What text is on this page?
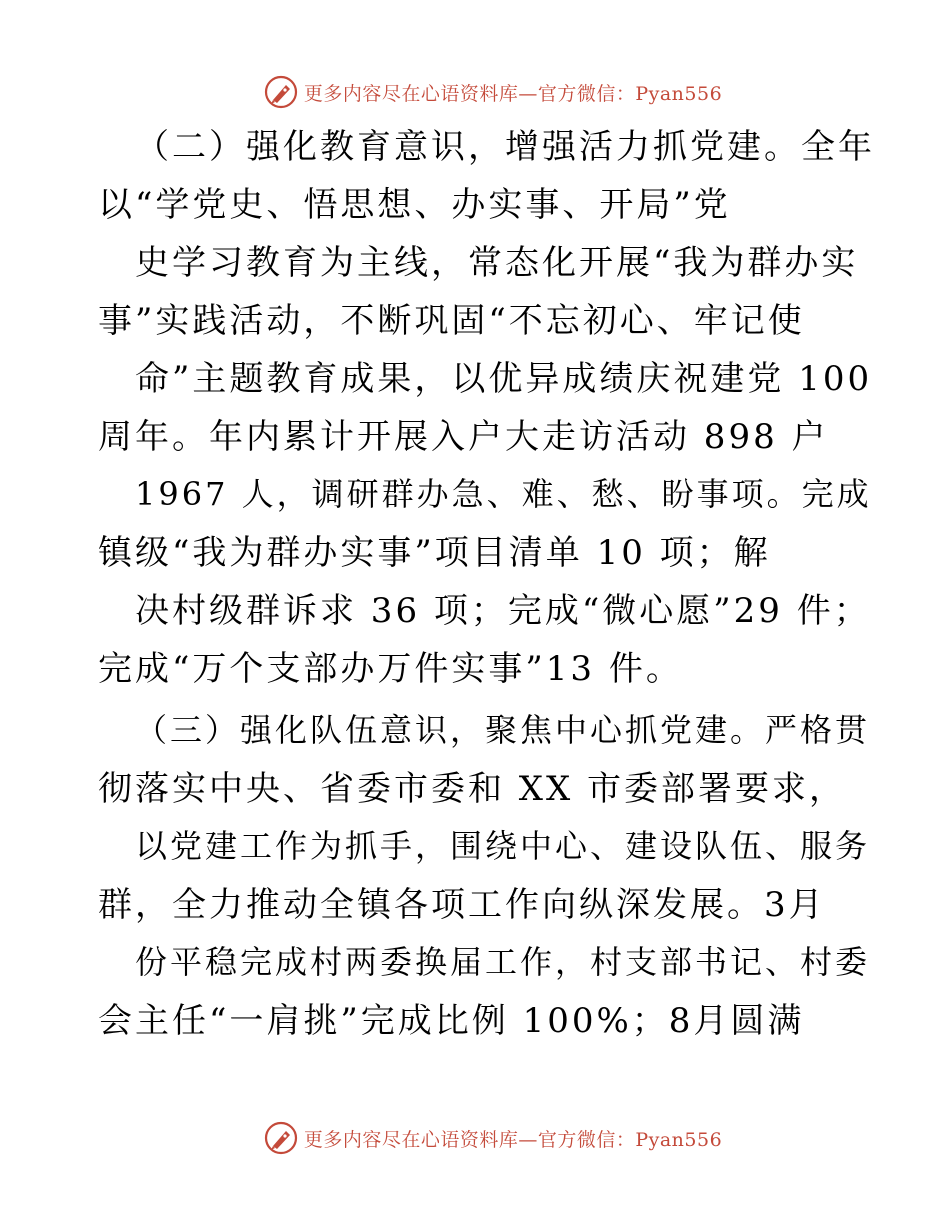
更多内容尽在心语资料库—官方微信：Pyan556
（二）强化教育意识，增强活力抓党建。全年
以“学党史、悟思想、办实事、开局”党
史学习教育为主线，常态化开展“我为群办实
事”实践活动，不断巩固“不忘初心、牢记使
命”主题教育成果，以优异成绩庆祝建党 100
周年。年内累计开展入户大走访活动 898 户
1967 人，调研群办急、难、愁、盼事项。完成
镇级“我为群办实事”项目清单 10 项；解
决村级群诉求 36 项；完成“微心愿”29 件；
完成“万个支部办万件实事”13 件。
（三）强化队伍意识，聚焦中心抓党建。严格贯
彻落实中央、省委市委和 XX 市委部署要求，
以党建工作为抓手，围绕中心、建设队伍、服务
群，全力推动全镇各项工作向纵深发展。3月
份平稳完成村两委换届工作，村支部书记、村委
会主任“一肩挑”完成比例 100%；8月圆满
更多内容尽在心语资料库—官方微信：Pyan556
